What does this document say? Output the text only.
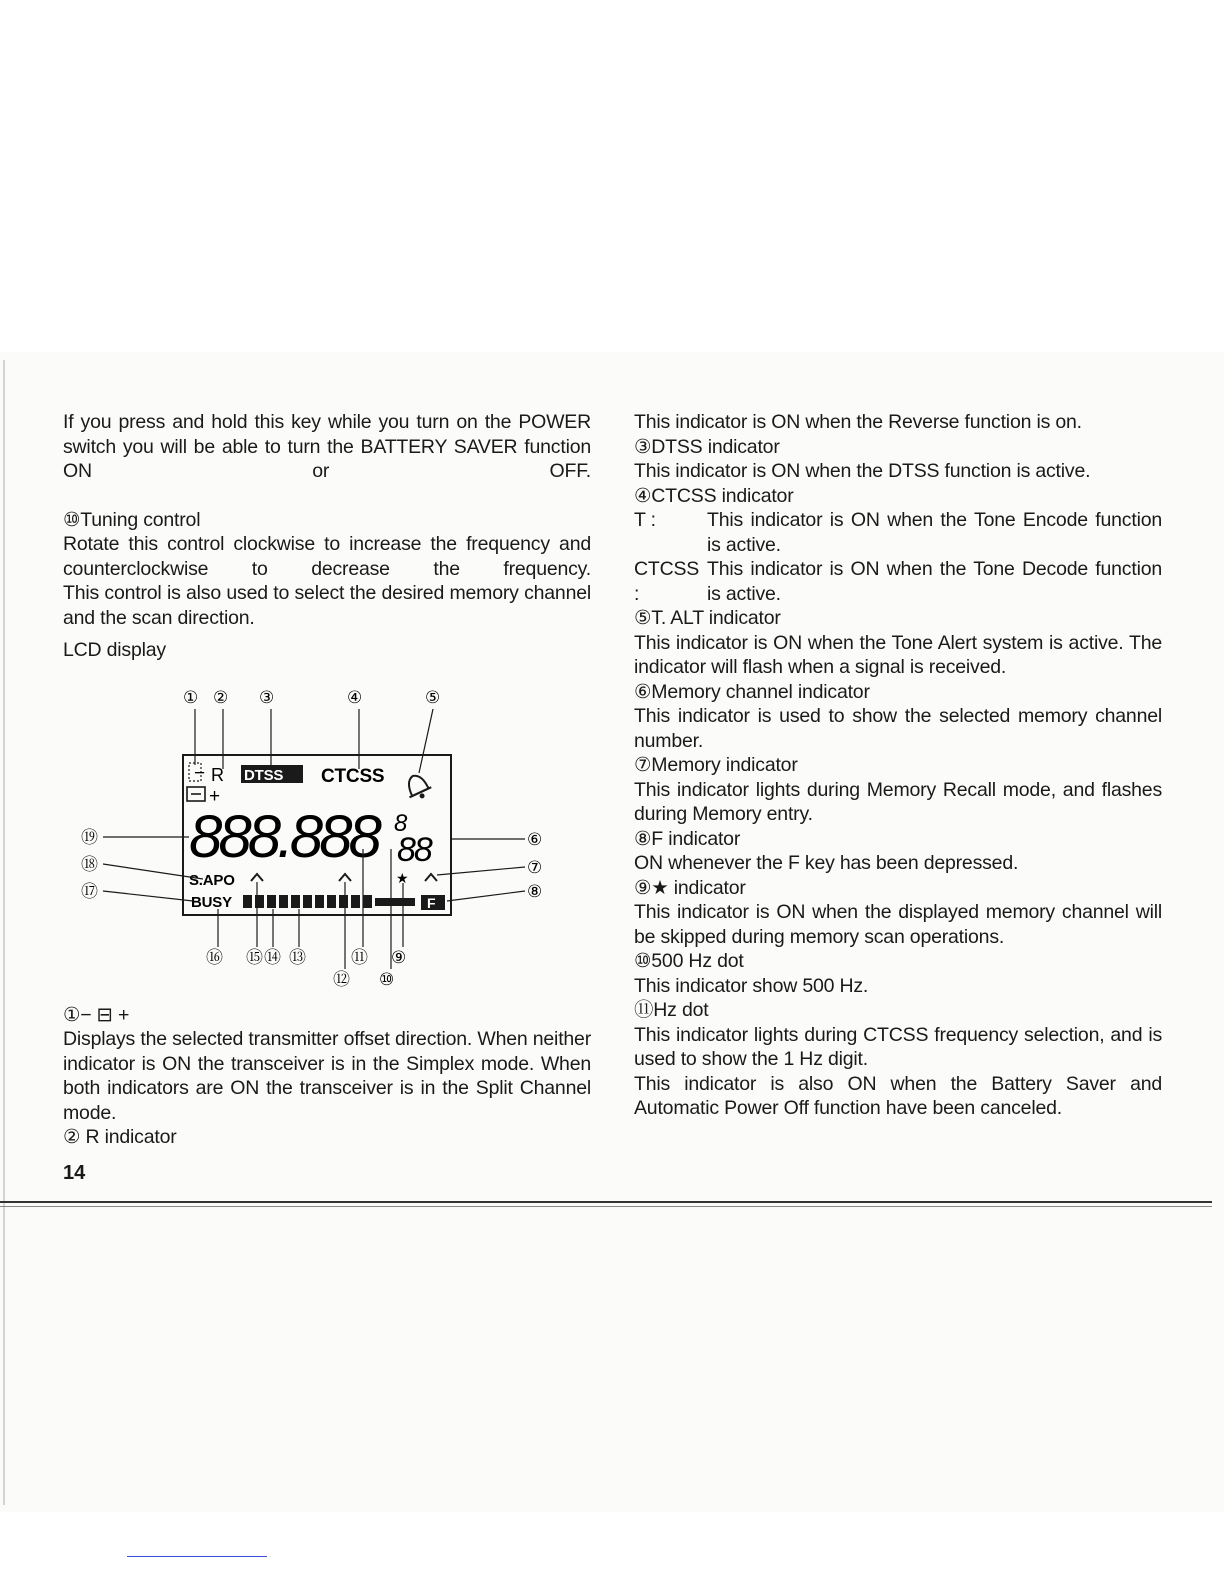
If you press and hold this key while you turn on the POWER switch you will be able to turn the BATTERY SAVER function ON or OFF.

⑩Tuning control

Rotate this control clockwise to increase the frequency and counterclockwise to decrease the frequency.

This control is also used to select the desired memory channel and the scan direction.

LCD display

− R
+
DTSS CTCSS
888.888 8
88
S.APO	★
BUSY	F
① ② ③	④	⑤
⑥
⑦
⑧
⑨
⑩
⑪
⑫
⑬
⑭
⑮
⑯
⑰
⑱
⑲

①− ⊟ +

Displays the selected transmitter offset direction. When neither indicator is ON the transceiver is in the Simplex mode. When both indicators are ON the transceiver is in the Split Channel mode.

② R indicator

This indicator is ON when the Reverse function is on.

③DTSS indicator

This indicator is ON when the DTSS function is active.

④CTCSS indicator

T :	This indicator is ON when the Tone Encode function is active.
CTCSS :
This indicator is ON when the Tone Decode function is active.

⑤T. ALT indicator

This indicator is ON when the Tone Alert system is active. The indicator will flash when a signal is received.

⑥Memory channel indicator

This indicator is used to show the selected memory channel number.

⑦Memory indicator

This indicator lights during Memory Recall mode, and flashes during Memory entry.

⑧F indicator

ON whenever the F key has been depressed.

⑨★ indicator

This indicator is ON when the displayed memory channel will be skipped during memory scan operations.

⑩500 Hz dot

This indicator show 500 Hz.

⑪Hz dot

This indicator lights during CTCSS frequency selection, and is used to show the 1 Hz digit.

This indicator is also ON when the Battery Saver and Automatic Power Off function have been canceled.

14
